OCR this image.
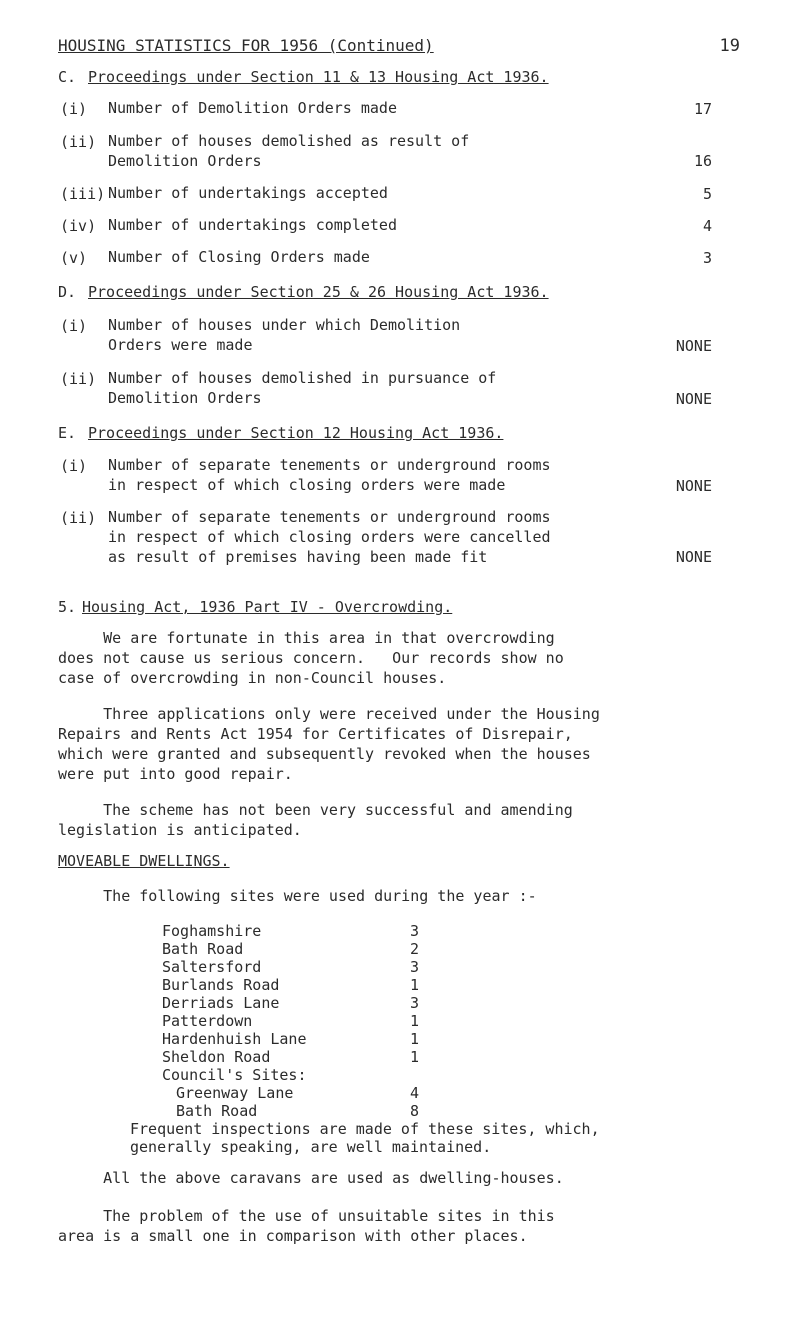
HOUSING STATISTICS FOR 1956 (Continued)	19
C. Proceedings under Section 11 & 13 Housing Act 1936.
(i) Number of Demolition Orders made	17
(ii) Number of houses demolished as result of
Demolition Orders	16
(iii) Number of undertakings accepted	5
(iv) Number of undertakings completed	4
(v) Number of Closing Orders made	3
D. Proceedings under Section 25 & 26 Housing Act 1936.
(i) Number of houses under which Demolition
Orders were made	NONE
(ii) Number of houses demolished in pursuance of
Demolition Orders	NONE
E. Proceedings under Section 12 Housing Act 1936.
(i) Number of separate tenements or underground rooms
in respect of which closing orders were made	NONE
(ii) Number of separate tenements or underground rooms
in respect of which closing orders were cancelled
as result of premises having been made fit	NONE
5. Housing Act, 1936 Part IV - Overcrowding.
We are fortunate in this area in that overcrowding
does not cause us serious concern.   Our records show no
case of overcrowding in non-Council houses.
Three applications only were received under the Housing
Repairs and Rents Act 1954 for Certificates of Disrepair,
which were granted and subsequently revoked when the houses
were put into good repair.
The scheme has not been very successful and amending
legislation is anticipated.
MOVEABLE DWELLINGS.
The following sites were used during the year :-
Foghamshire	3
Bath Road	2
Saltersford	3
Burlands Road	1
Derriads Lane	3
Patterdown	1
Hardenhuish Lane	1
Sheldon Road	1
Council's Sites:
Greenway Lane	4
Bath Road	8
Frequent inspections are made of these sites, which,
generally speaking, are well maintained.
All the above caravans are used as dwelling-houses.
The problem of the use of unsuitable sites in this
area is a small one in comparison with other places.
